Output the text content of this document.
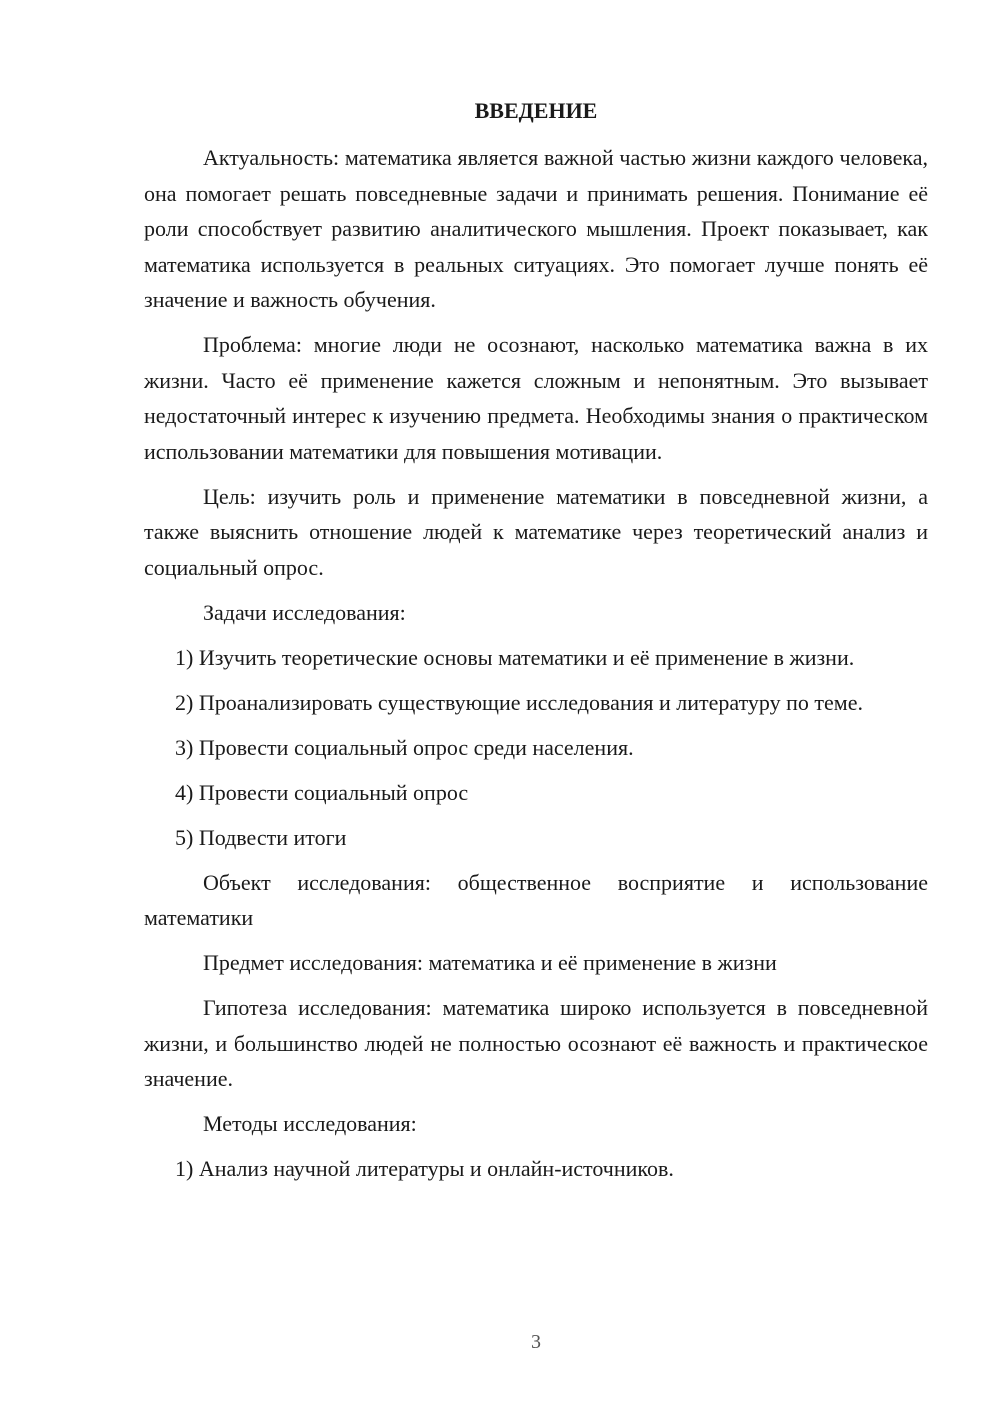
ВВЕДЕНИЕ

Актуальность: математика является важной частью жизни каждого человека, она помогает решать повседневные задачи и принимать решения. Понимание её роли способствует развитию аналитического мышления. Проект показывает, как математика используется в реальных ситуациях. Это помогает лучше понять её значение и важность обучения.

Проблема: многие люди не осознают, насколько математика важна в их жизни. Часто её применение кажется сложным и непонятным. Это вызывает недостаточный интерес к изучению предмета. Необходимы знания о практическом использовании математики для повышения мотивации.

Цель: изучить роль и применение математики в повседневной жизни, а также выяснить отношение людей к математике через теоретический анализ и социальный опрос.

Задачи исследования:

1) Изучить теоретические основы математики и её применение в жизни.

2) Проанализировать существующие исследования и литературу по теме.

3) Провести социальный опрос среди населения.

4) Провести социальный опрос

5) Подвести итоги

Объект исследования: общественное восприятие и использование математики

Предмет исследования: математика и её применение в жизни

Гипотеза исследования: математика широко используется в повседневной жизни, и большинство людей не полностью осознают её важность и практическое значение.

Методы исследования:

1) Анализ научной литературы и онлайн-источников.

3
